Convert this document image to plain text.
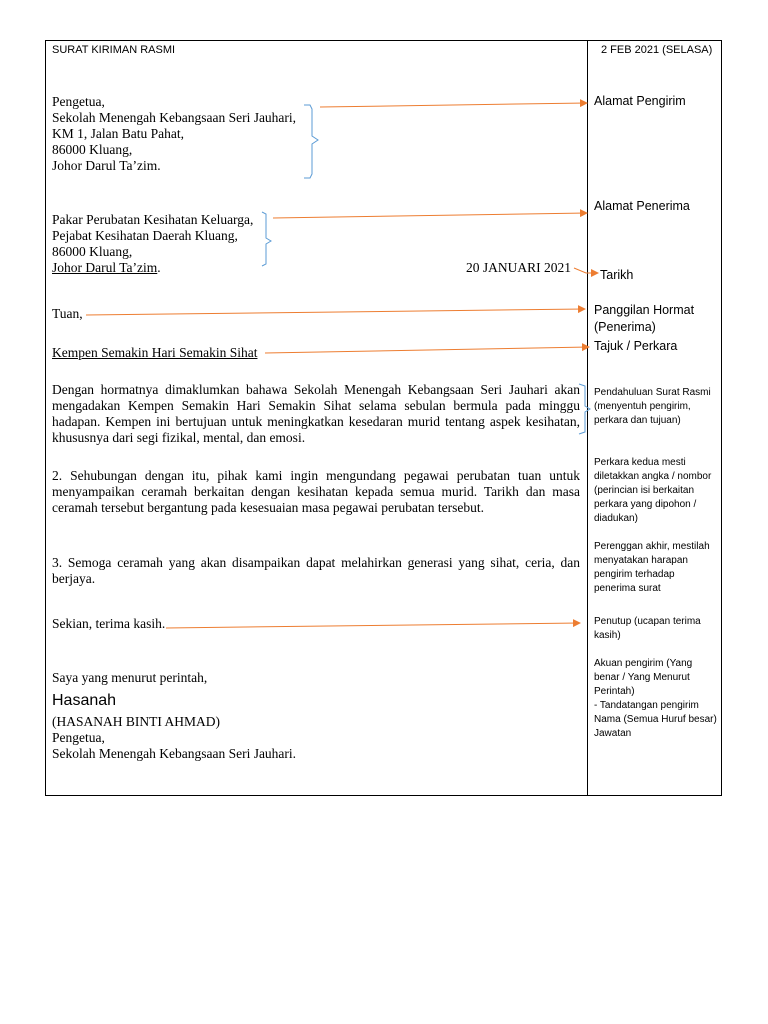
SURAT KIRIMAN RASMI	2 FEB 2021 (SELASA)
Pengetua,
Sekolah Menengah Kebangsaan Seri Jauhari,
KM 1, Jalan Batu Pahat,
86000 Kluang,
Johor Darul Ta’zim.
Pakar Perubatan Kesihatan Keluarga,
Pejabat Kesihatan Daerah Kluang,
86000 Kluang,
Johor Darul Ta’zim.	20 JANUARI 2021
Tuan,
Kempen Semakin Hari Semakin Sihat
Dengan hormatnya dimaklumkan bahawa Sekolah Menengah Kebangsaan Seri Jauhari akan mengadakan Kempen Semakin Hari Semakin Sihat selama sebulan bermula pada minggu hadapan. Kempen ini bertujuan untuk meningkatkan kesedaran murid tentang aspek kesihatan, khususnya dari segi fizikal, mental, dan emosi.
2. Sehubungan dengan itu, pihak kami ingin mengundang pegawai perubatan tuan untuk menyampaikan ceramah berkaitan dengan kesihatan kepada semua murid. Tarikh dan masa ceramah tersebut bergantung pada kesesuaian masa pegawai perubatan tersebut.
3. Semoga ceramah yang akan disampaikan dapat melahirkan generasi yang sihat, ceria, dan berjaya.
Sekian, terima kasih.
Saya yang menurut perintah,
Hasanah
(HASANAH BINTI AHMAD)
Pengetua,
Sekolah Menengah Kebangsaan Seri Jauhari.
Alamat Pengirim
Alamat Penerima
Tarikh
Panggilan Hormat (Penerima)
Tajuk / Perkara
Pendahuluan Surat Rasmi (menyentuh pengirim, perkara dan tujuan)
Perkara kedua mesti diletakkan angka / nombor (perincian isi berkaitan perkara yang dipohon / diadukan)
Perenggan akhir, mestilah menyatakan harapan pengirim terhadap penerima surat
Penutup (ucapan terima kasih)
Akuan pengirim (Yang benar / Yang Menurut Perintah)
- Tandatangan pengirim
Nama (Semua Huruf besar)
Jawatan
